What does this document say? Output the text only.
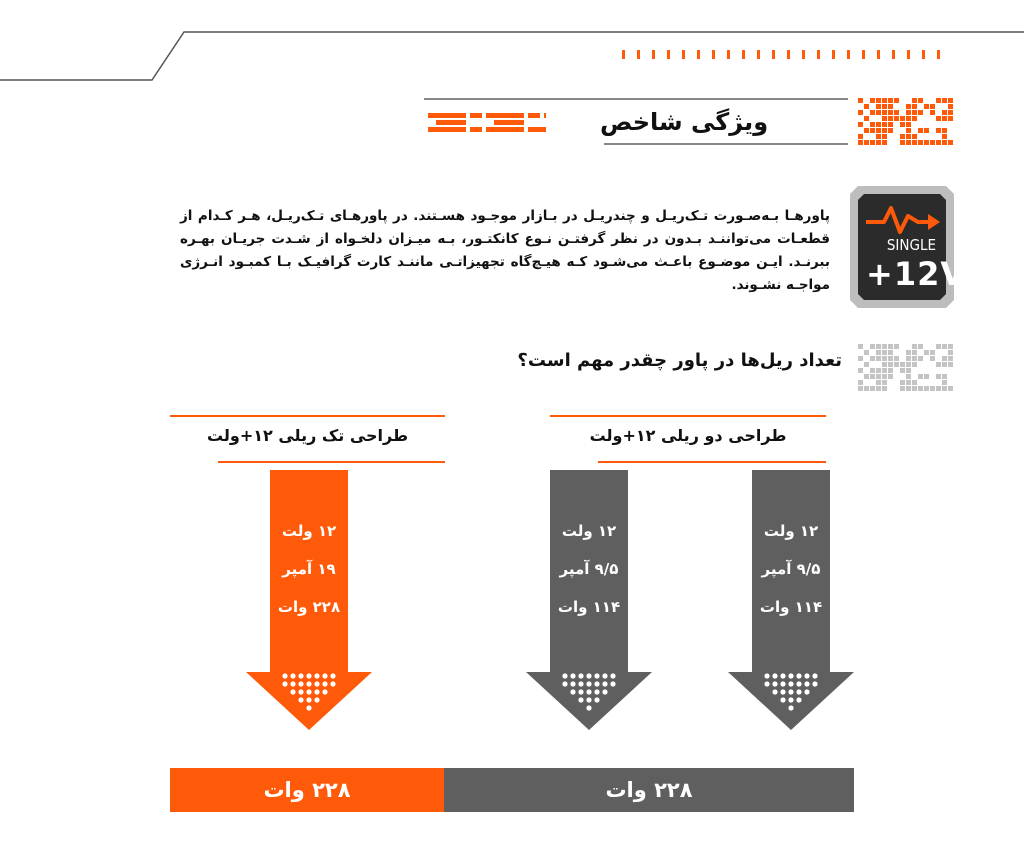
ویژگی شاخص
SINGLE
+12V
پاورهـا بـه‌صـورت تـک‌ریـل و چندریـل در بـازار موجـود هسـتند. در پاورهـای تـک‌ریـل، هـر کـدام از قطعـات می‌تواننـد بـدون در نظر گرفتـن نـوع کانکتـور، بـه میـزان دلخـواه از شـدت جریـان بهـره ببرنـد. ایـن موضـوع باعـث می‌شـود کـه هیـچ‌گاه تجهیزاتـی ماننـد کارت گرافیـک بـا کمبـود انـرژی مواجـه نشـوند.
تعداد ریل‌ها در پاور چقدر مهم است؟
طراحی تک ریلی ۱۲+ولت	طراحی دو ریلی ۱۲+ولت
۱۲ ولت
۱۹ آمپر
۲۲۸ وات
۱۲ ولت
۹/۵ آمپر
۱۱۴ وات
۱۲ ولت
۹/۵ آمپر
۱۱۴ وات
۲۲۸ وات	۲۲۸ وات
